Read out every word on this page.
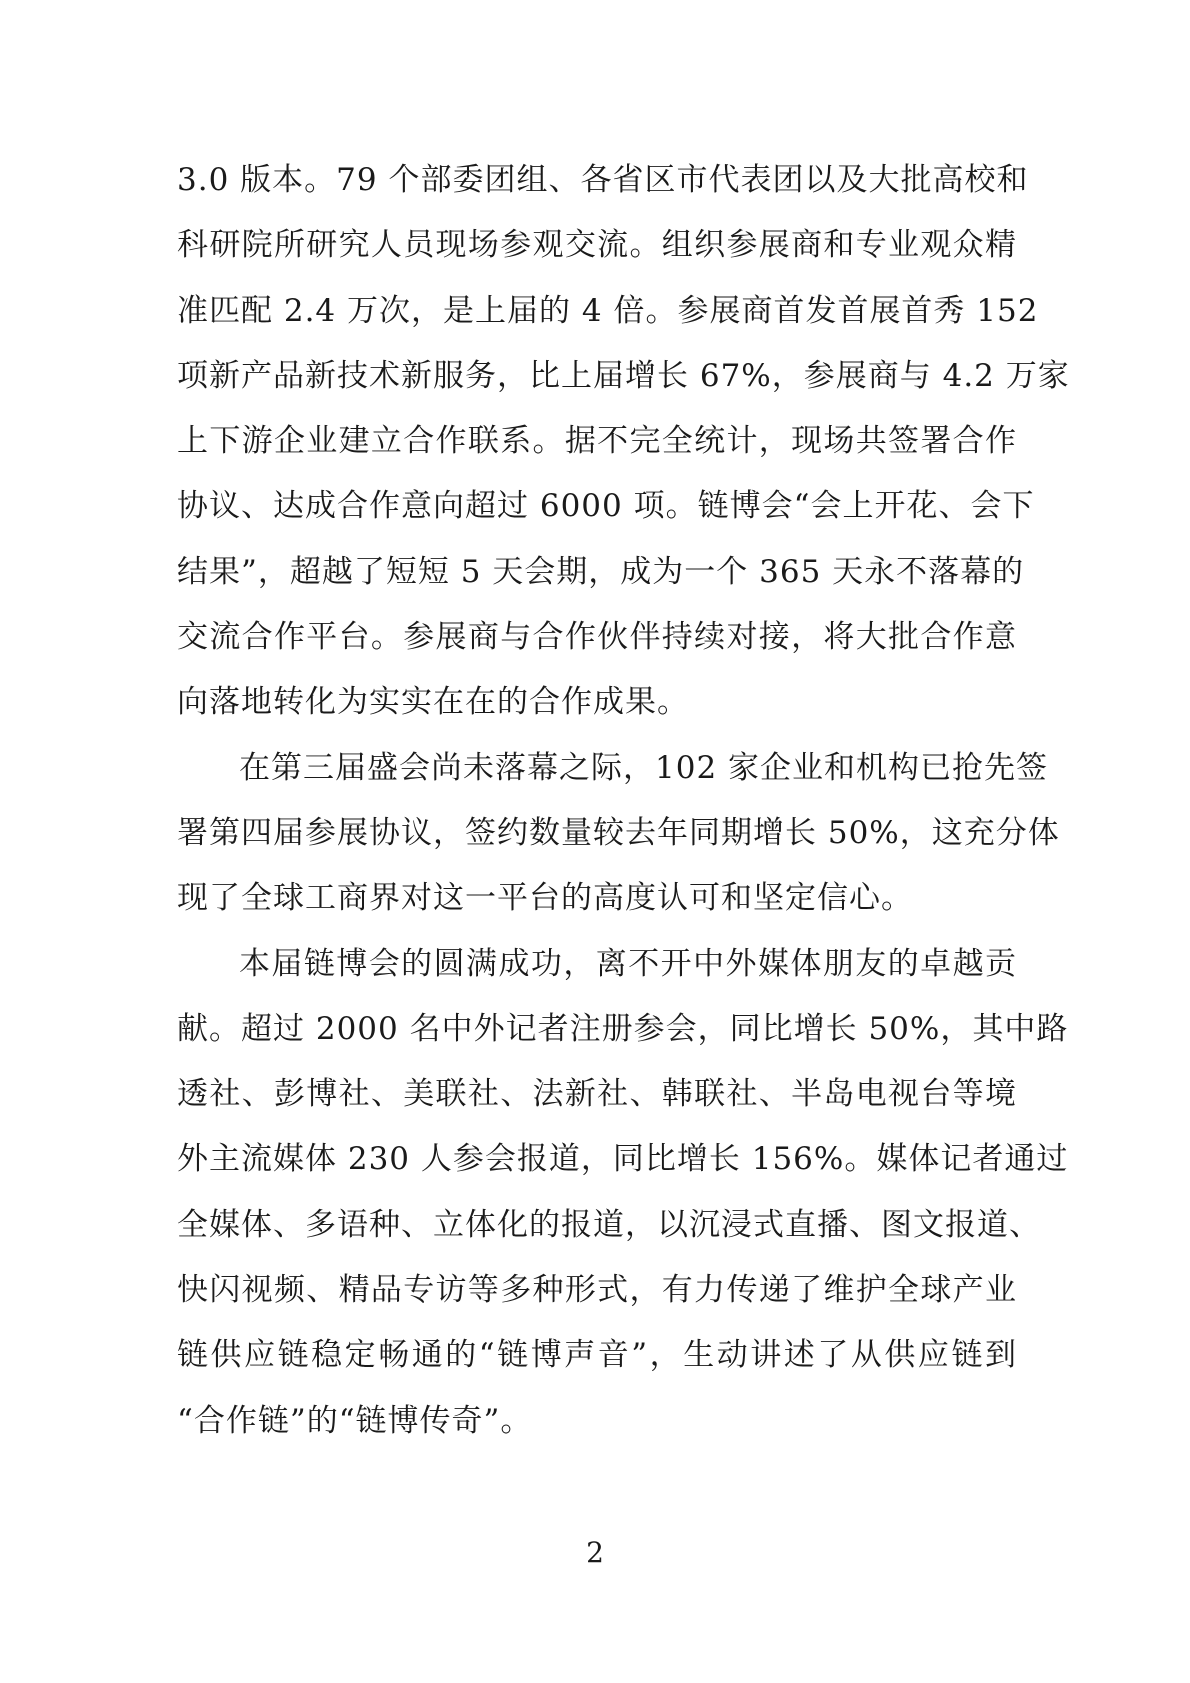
3.0 版本。79 个部委团组、各省区市代表团以及大批高校和
科研院所研究人员现场参观交流。组织参展商和专业观众精
准匹配 2.4 万次，是上届的 4 倍。参展商首发首展首秀 152
项新产品新技术新服务，比上届增长 67%，参展商与 4.2 万家
上下游企业建立合作联系。据不完全统计，现场共签署合作
协议、达成合作意向超过 6000 项。链博会“会上开花、会下
结果”，超越了短短 5 天会期，成为一个 365 天永不落幕的
交流合作平台。参展商与合作伙伴持续对接，将大批合作意
向落地转化为实实在在的合作成果。
在第三届盛会尚未落幕之际，102 家企业和机构已抢先签
署第四届参展协议，签约数量较去年同期增长 50%，这充分体
现了全球工商界对这一平台的高度认可和坚定信心。
本届链博会的圆满成功，离不开中外媒体朋友的卓越贡
献。超过 2000 名中外记者注册参会，同比增长 50%，其中路
透社、彭博社、美联社、法新社、韩联社、半岛电视台等境
外主流媒体 230 人参会报道，同比增长 156%。媒体记者通过
全媒体、多语种、立体化的报道，以沉浸式直播、图文报道、
快闪视频、精品专访等多种形式，有力传递了维护全球产业
链供应链稳定畅通的“链博声音”，生动讲述了从供应链到
“合作链”的“链博传奇”。
2
